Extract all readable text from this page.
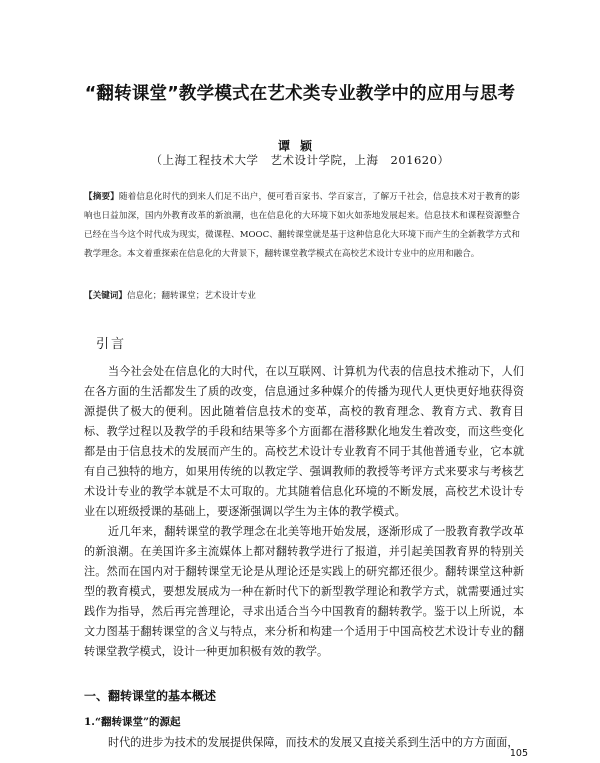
“翻转课堂”教学模式在艺术类专业教学中的应用与思考
谭颖
（上海工程技术大学　艺术设计学院，上海　201620）
【摘要】随着信息化时代的到来人们足不出户，便可看百家书、学百家言，了解万千社会，信息技术对于教育的影响也日益加深，国内外教育改革的新浪潮，也在信息化的大环境下如火如荼地发展起来。信息技术和课程资源整合已经在当今这个时代成为现实，微课程、MOOC、翻转课堂就是基于这种信息化大环境下而产生的全新教学方式和教学理念。本文着重探索在信息化的大背景下，翻转课堂教学模式在高校艺术设计专业中的应用和融合。
【关键词】信息化；翻转课堂；艺术设计专业
引言

当今社会处在信息化的大时代，在以互联网、计算机为代表的信息技术推动下，人们在各方面的生活都发生了质的改变，信息通过多种媒介的传播为现代人更快更好地获得资源提供了极大的便利。因此随着信息技术的变革，高校的教育理念、教育方式、教育目标、教学过程以及教学的手段和结果等多个方面都在潜移默化地发生着改变，而这些变化都是由于信息技术的发展而产生的。高校艺术设计专业教育不同于其他普通专业，它本就有自己独特的地方，如果用传统的以教定学、强调教师的教授等考评方式来要求与考核艺术设计专业的教学本就是不太可取的。尤其随着信息化环境的不断发展，高校艺术设计专业在以班级授课的基础上，要逐渐强调以学生为主体的教学模式。

近几年来，翻转课堂的教学理念在北美等地开始发展，逐渐形成了一股教育教学改革的新浪潮。在美国许多主流媒体上都对翻转教学进行了报道，并引起美国教育界的特别关注。然而在国内对于翻转课堂无论是从理论还是实践上的研究都还很少。翻转课堂这种新型的教育模式，要想发展成为一种在新时代下的新型教学理论和教学方式，就需要通过实践作为指导，然后再完善理论，寻求出适合当今中国教育的翻转教学。鉴于以上所说，本文力图基于翻转课堂的含义与特点，来分析和构建一个适用于中国高校艺术设计专业的翻转课堂教学模式，设计一种更加积极有效的教学。

一、翻转课堂的基本概述
1.“翻转课堂”的源起
时代的进步为技术的发展提供保障，而技术的发展又直接关系到生活中的方方面面，
105
